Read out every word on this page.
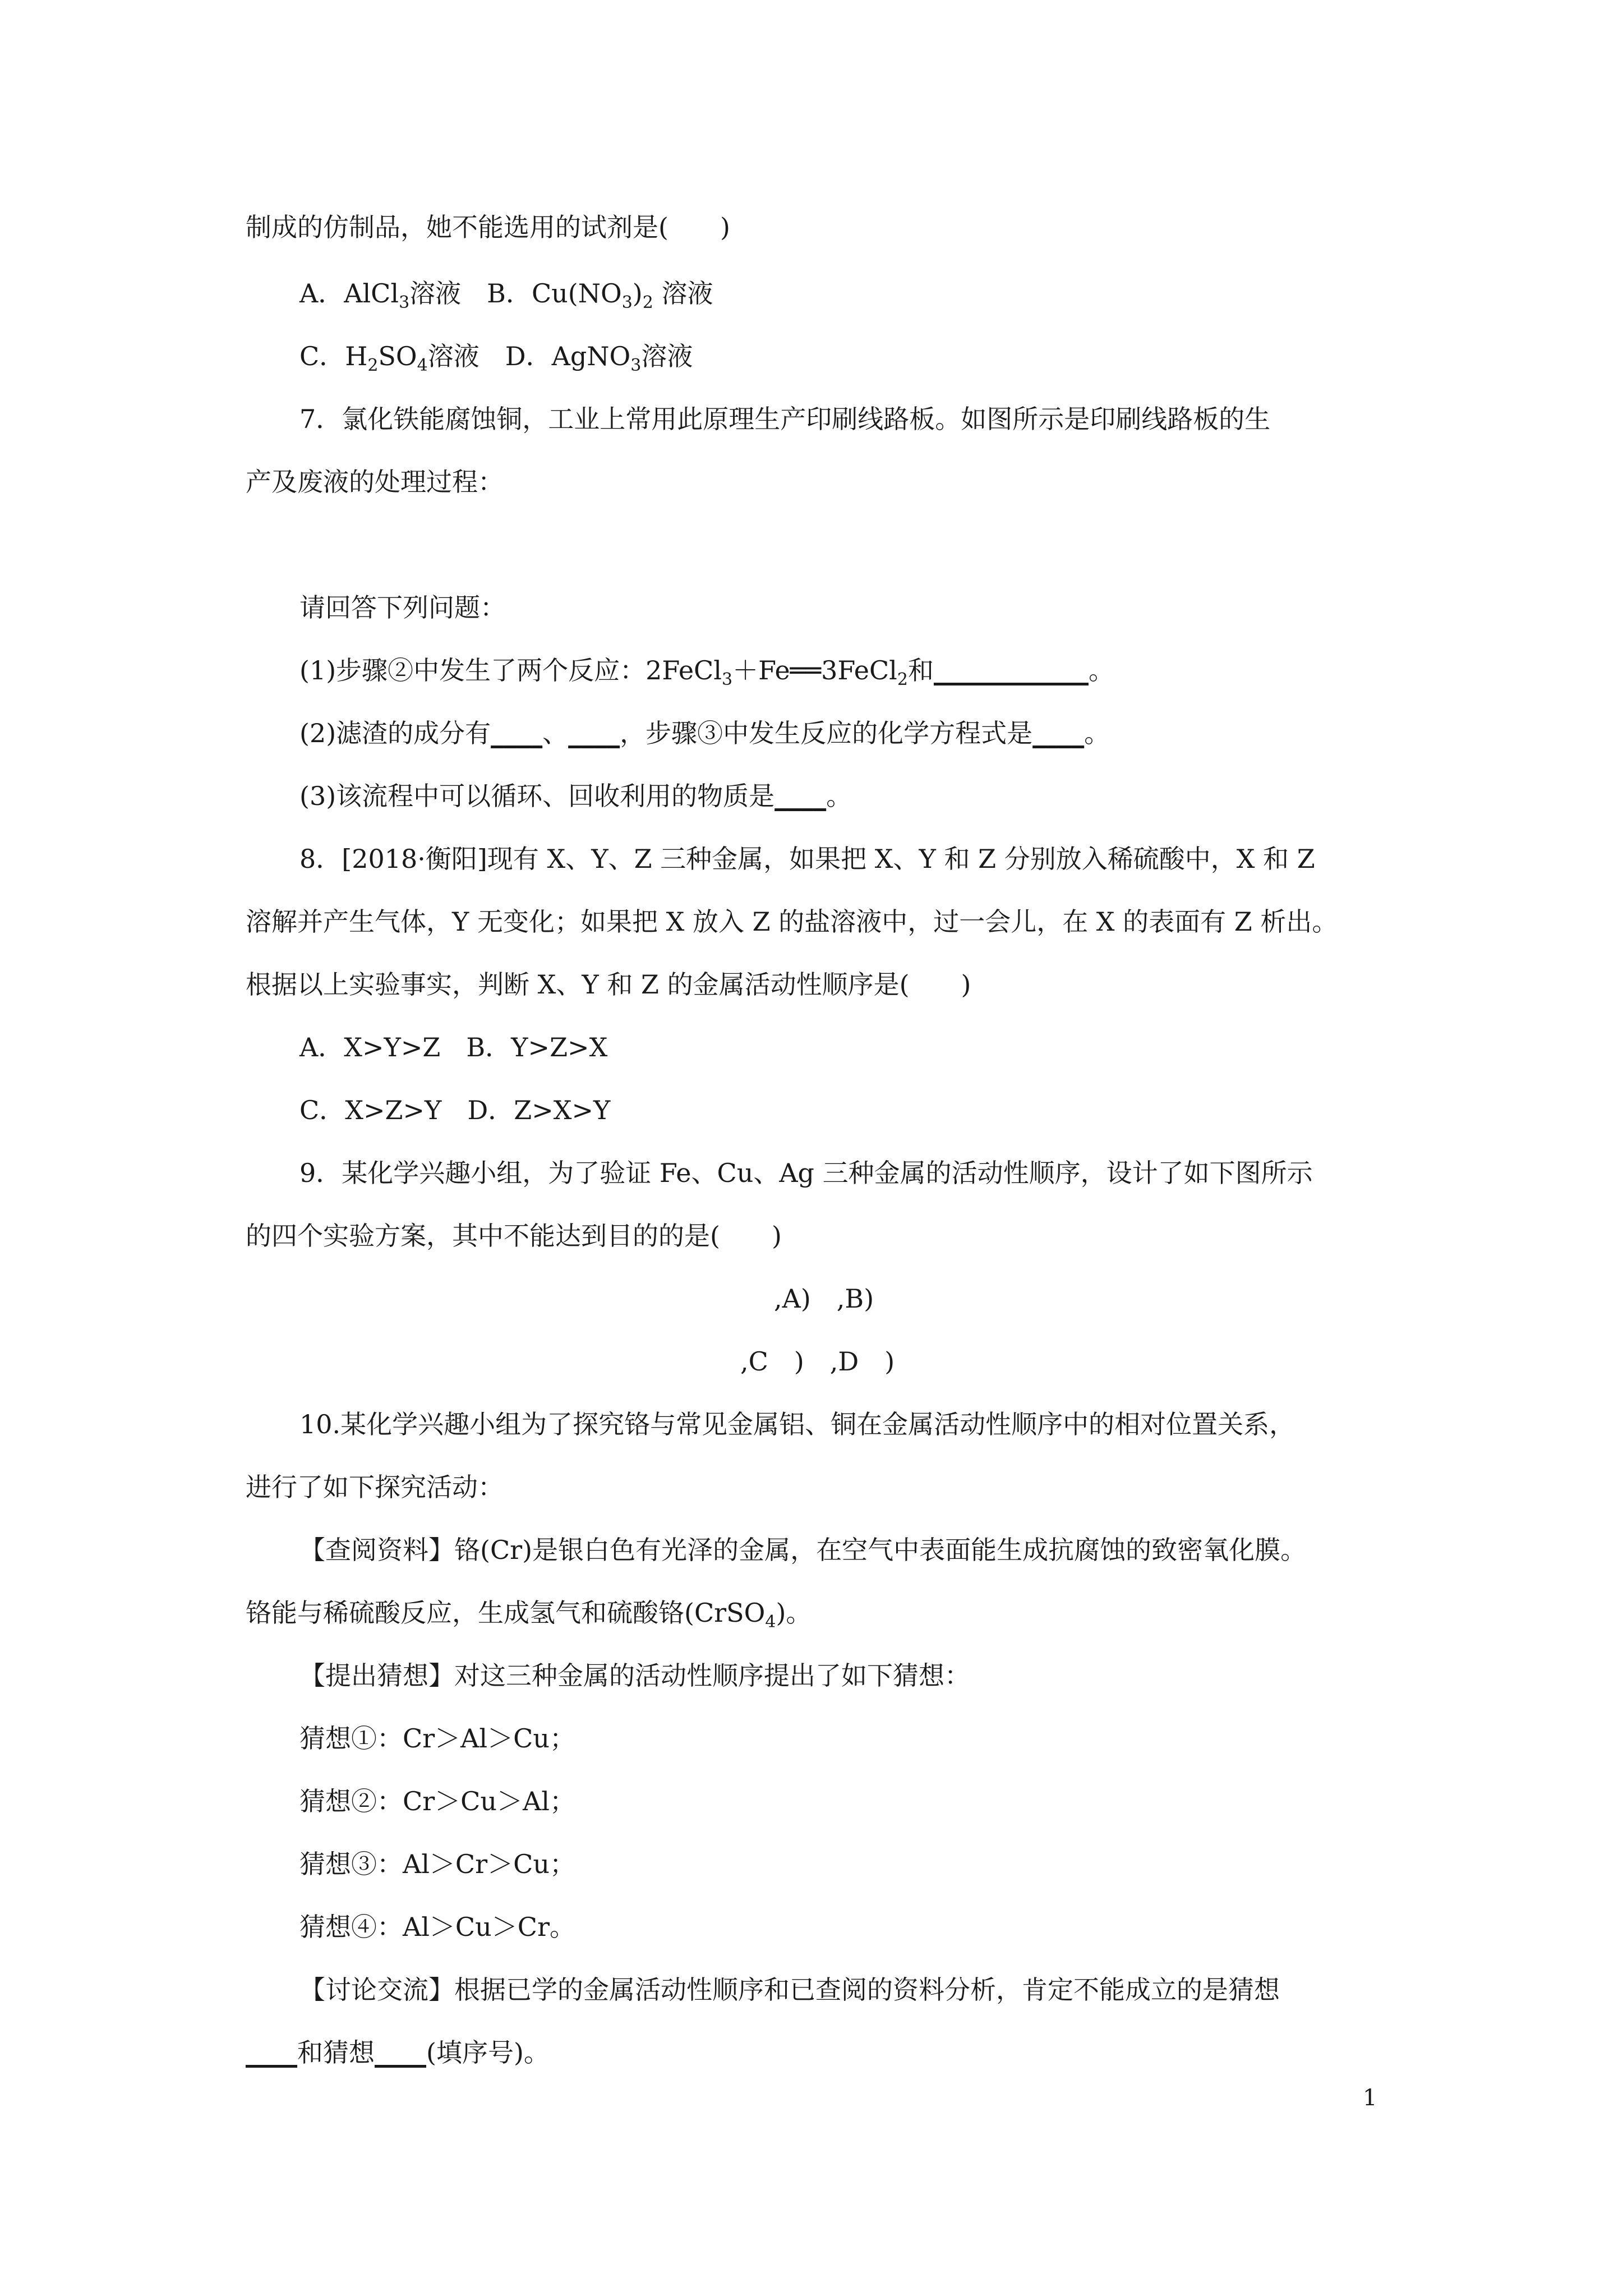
制成的仿制品，她不能选用的试剂是(　　)
A．AlCl$_3$溶液　B．$Cu(NO_3)_2$ 溶液
C．$H_2SO_4$溶液　D．AgNO$_3$溶液
7．氯化铁能腐蚀铜，工业上常用此原理生产印刷线路板。如图所示是印刷线路板的生
产及废液的处理过程：
请回答下列问题：
(1)步骤②中发生了两个反应：2FeCl$_3$＋Fe══3FeCl$_2$和____________。
(2)滤渣的成分有____、____，步骤③中发生反应的化学方程式是____。
(3)该流程中可以循环、回收利用的物质是____。
8．[2018·衡阳]现有 X、Y、Z 三种金属，如果把 X、Y 和 Z 分别放入稀硫酸中，X 和 Z
溶解并产生气体，Y 无变化；如果把 X 放入 Z 的盐溶液中，过一会儿，在 X 的表面有 Z 析出。
根据以上实验事实，判断 X、Y 和 Z 的金属活动性顺序是(　　)
A．X>Y>Z　B．Y>Z>X
C．X>Z>Y　D．Z>X>Y
9．某化学兴趣小组，为了验证 Fe、Cu、Ag 三种金属的活动性顺序，设计了如下图所示
的四个实验方案，其中不能达到目的的是(　　)
,A)　,B)
,C　)　,D　)
10.某化学兴趣小组为了探究铬与常见金属铝、铜在金属活动性顺序中的相对位置关系，
进行了如下探究活动：
【查阅资料】铬(Cr)是银白色有光泽的金属，在空气中表面能生成抗腐蚀的致密氧化膜。
铬能与稀硫酸反应，生成氢气和硫酸铬(CrSO$_4$)。
【提出猜想】对这三种金属的活动性顺序提出了如下猜想：
猜想①：Cr＞Al＞Cu；
猜想②：Cr＞Cu＞Al；
猜想③：Al＞Cr＞Cu；
猜想④：Al＞Cu＞Cr。
【讨论交流】根据已学的金属活动性顺序和已查阅的资料分析，肯定不能成立的是猜想
____和猜想____(填序号)。
1
